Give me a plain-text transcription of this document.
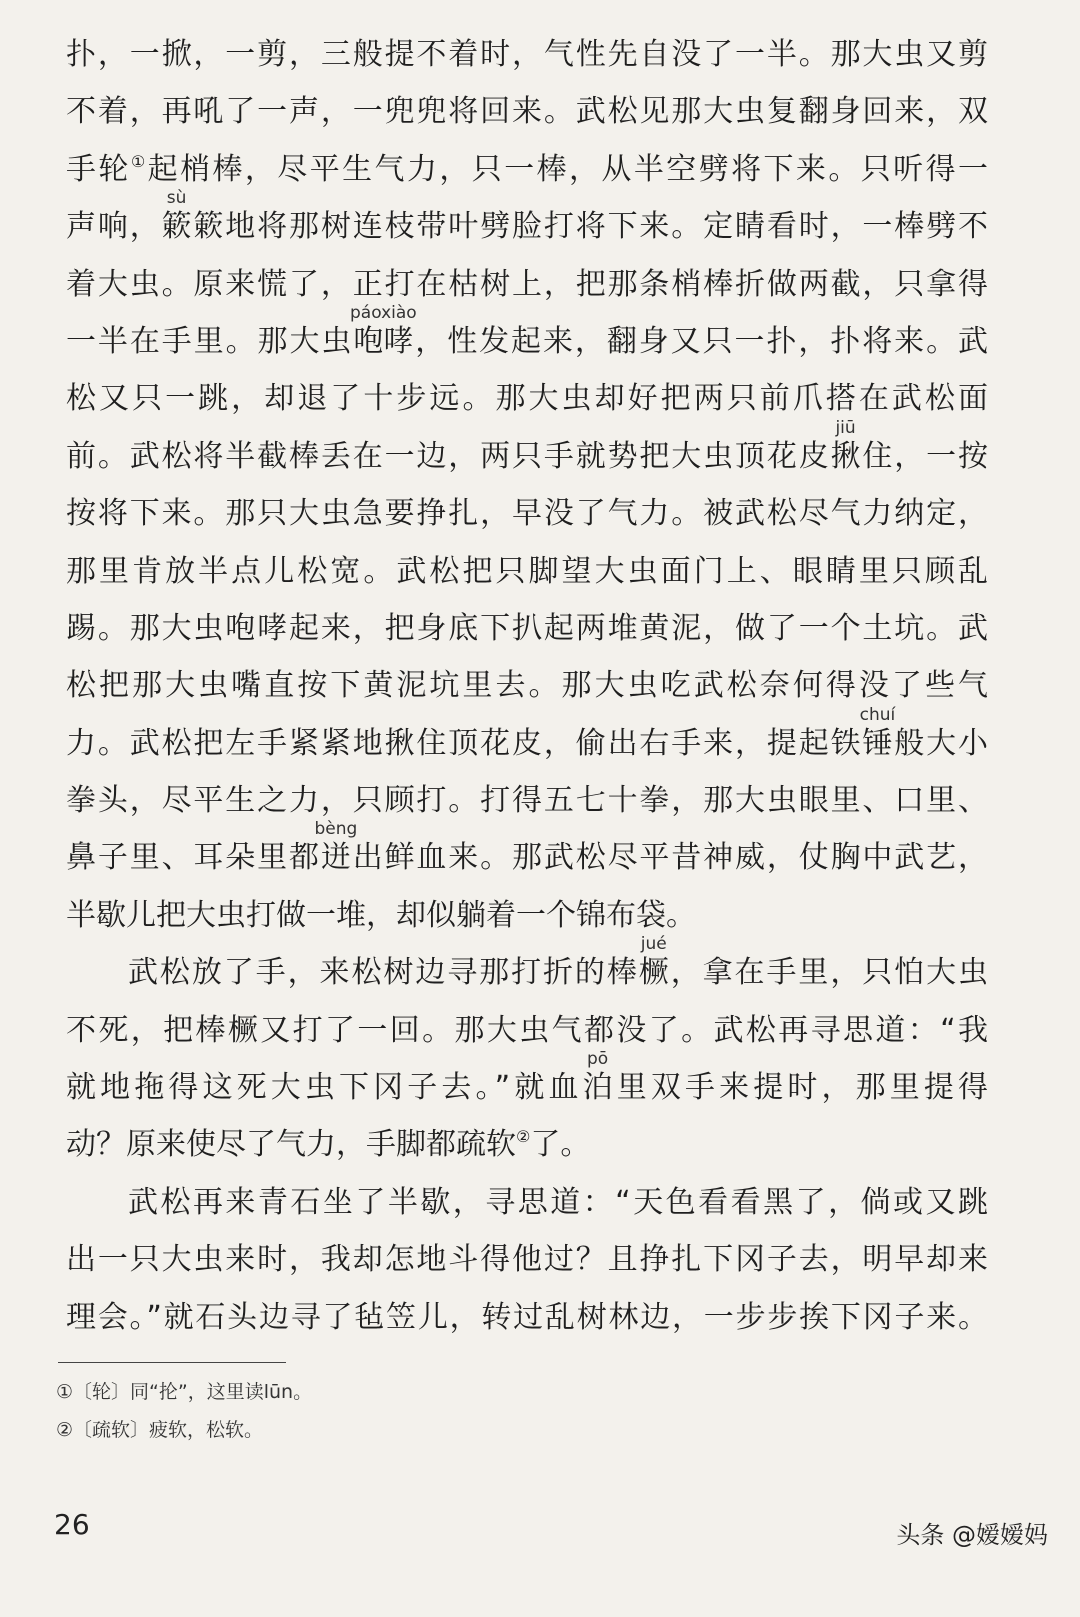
扑，一掀，一剪，三般提不着时，气性先自没了一半。那大虫又剪
不着，再吼了一声，一兜兜将回来。武松见那大虫复翻身回来，双
手轮①起梢棒，尽平生气力，只一棒，从半空劈将下来。只听得一
声响，簌
sù
簌地将那树连枝带叶劈脸打将下来。定睛看时，一棒劈不
着大虫。原来慌了，正打在枯树上，把那条梢棒折做两截，只拿得
一半在手里。那大虫咆哮
páoxiào
，性发起来，翻身又只一扑，扑将来。武
松又只一跳，却退了十步远。那大虫却好把两只前爪搭在武松面
前。武松将半截棒丢在一边，两只手就势把大虫顶花皮揪
jiū
住，一按
按将下来。那只大虫急要挣扎，早没了气力。被武松尽气力纳定，
那里肯放半点儿松宽。武松把只脚望大虫面门上、眼睛里只顾乱
踢。那大虫咆哮起来，把身底下扒起两堆黄泥，做了一个土坑。武
松把那大虫嘴直按下黄泥坑里去。那大虫吃武松奈何得没了些气
力。武松把左手紧紧地揪住顶花皮，偷出右手来，提起铁锤
chuí
般大小
拳头，尽平生之力，只顾打。打得五七十拳，那大虫眼里、口里、
鼻子里、耳朵里都迸
bèng
出鲜血来。那武松尽平昔神威，仗胸中武艺，
半歇儿把大虫打做一堆，却似躺着一个锦布袋。
武松放了手，来松树边寻那打折的棒橛
jué
，拿在手里，只怕大虫
不死，把棒橛又打了一回。那大虫气都没了。武松再寻思道：“我
就地拖得这死大虫下冈子去。”就血泊
pō
里双手来提时，那里提得
动？原来使尽了气力，手脚都疏软②了。
武松再来青石坐了半歇，寻思道：“天色看看黑了，倘或又跳
出一只大虫来时，我却怎地斗得他过？且挣扎下冈子去，明早却来
理会。”就石头边寻了毡笠儿，转过乱树林边，一步步挨下冈子来。
①〔轮〕同“抡”，这里读lūn。
②〔疏软〕疲软，松软。
26	头条 @嫒嫒妈
